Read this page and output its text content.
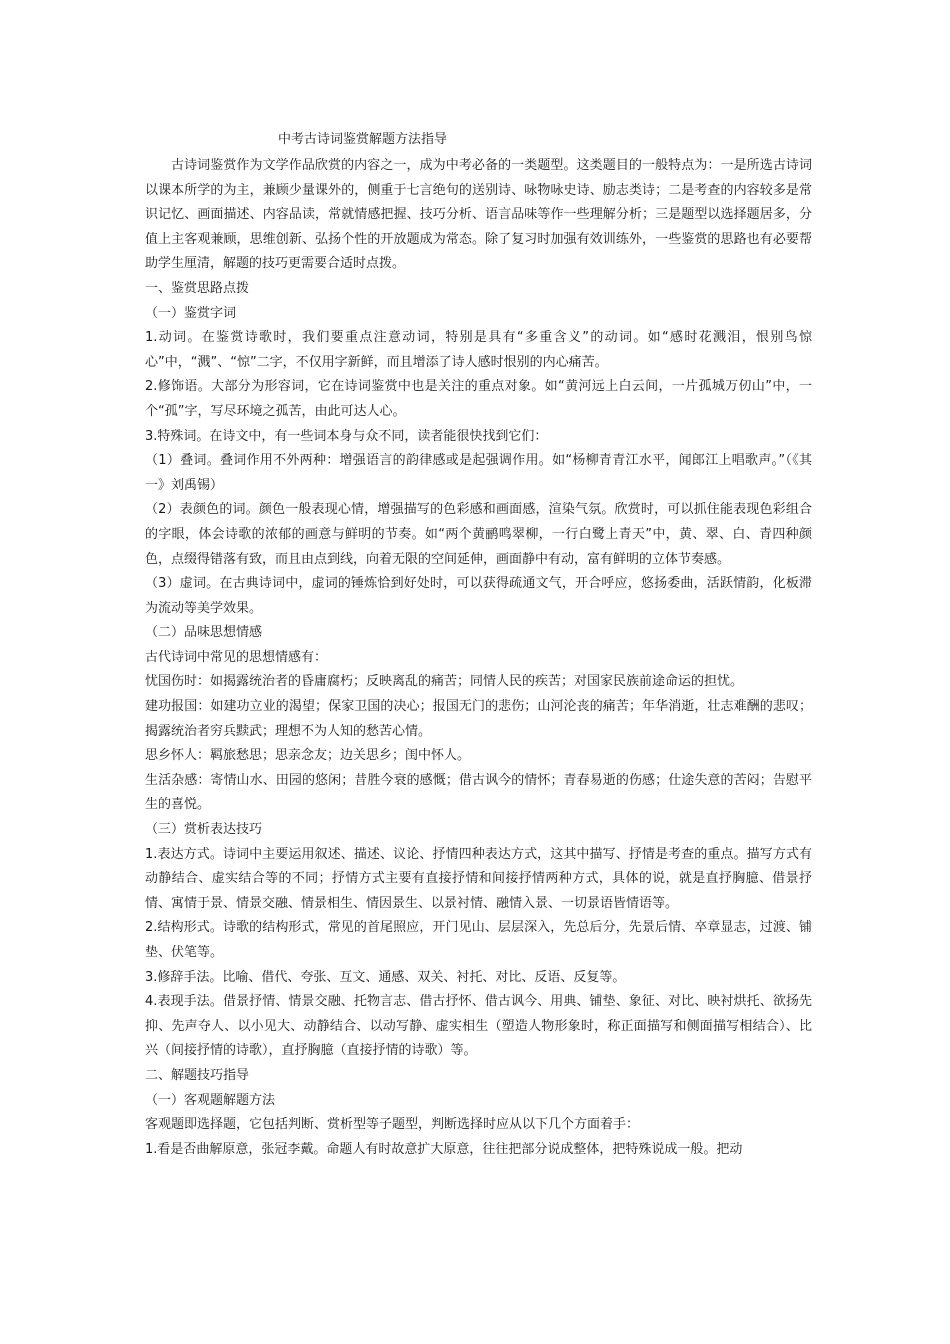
中考古诗词鉴赏解题方法指导

古诗词鉴赏作为文学作品欣赏的内容之一，成为中考必备的一类题型。这类题目的一般特点为：一是所选古诗词以课本所学的为主，兼顾少量课外的，侧重于七言绝句的送别诗、咏物咏史诗、励志类诗；二是考查的内容较多是常识记忆、画面描述、内容品读，常就情感把握、技巧分析、语言品味等作一些理解分析；三是题型以选择题居多，分值上主客观兼顾，思维创新、弘扬个性的开放题成为常态。除了复习时加强有效训练外，一些鉴赏的思路也有必要帮助学生厘清，解题的技巧更需要合适时点拨。

一、鉴赏思路点拨

（一）鉴赏字词

1.动词。在鉴赏诗歌时，我们要重点注意动词，特别是具有“多重含义”的动词。如“感时花溅泪，恨别鸟惊心”中，“溅”、“惊”二字，不仅用字新鲜，而且增添了诗人感时恨别的内心痛苦。

2.修饰语。大部分为形容词，它在诗词鉴赏中也是关注的重点对象。如“黄河远上白云间，一片孤城万仞山”中，一个“孤”字，写尽环境之孤苦，由此可达人心。

3.特殊词。在诗文中，有一些词本身与众不同，读者能很快找到它们：

（1）叠词。叠词作用不外两种：增强语言的韵律感或是起强调作用。如“杨柳青青江水平，闻郎江上唱歌声。”（《其一》刘禹锡）

（2）表颜色的词。颜色一般表现心情，增强描写的色彩感和画面感，渲染气氛。欣赏时，可以抓住能表现色彩组合的字眼，体会诗歌的浓郁的画意与鲜明的节奏。如“两个黄鹂鸣翠柳，一行白鹭上青天”中，黄、翠、白、青四种颜色，点缀得错落有致，而且由点到线，向着无限的空间延伸，画面静中有动，富有鲜明的立体节奏感。

（3）虚词。在古典诗词中，虚词的锤炼恰到好处时，可以获得疏通文气，开合呼应，悠扬委曲，活跃情韵，化板滞为流动等美学效果。

（二）品味思想情感

古代诗词中常见的思想情感有：

忧国伤时：如揭露统治者的昏庸腐朽；反映离乱的痛苦；同情人民的疾苦；对国家民族前途命运的担忧。

建功报国：如建功立业的渴望；保家卫国的决心；报国无门的悲伤；山河沦丧的痛苦；年华消逝，壮志难酬的悲叹；揭露统治者穷兵黩武；理想不为人知的愁苦心情。

思乡怀人：羁旅愁思；思亲念友；边关思乡；闺中怀人。

生活杂感：寄情山水、田园的悠闲；昔胜今衰的感慨；借古讽今的情怀；青春易逝的伤感；仕途失意的苦闷；告慰平生的喜悦。

（三）赏析表达技巧

1.表达方式。诗词中主要运用叙述、描述、议论、抒情四种表达方式，这其中描写、抒情是考查的重点。描写方式有动静结合、虚实结合等的不同；抒情方式主要有直接抒情和间接抒情两种方式，具体的说，就是直抒胸臆、借景抒情、寓情于景、情景交融、情景相生、情因景生、以景衬情、融情入景、一切景语皆情语等。

2.结构形式。诗歌的结构形式，常见的首尾照应，开门见山、层层深入，先总后分，先景后情、卒章显志，过渡、铺垫、伏笔等。

3.修辞手法。比喻、借代、夸张、互文、通感、双关、衬托、对比、反语、反复等。

4.表现手法。借景抒情、情景交融、托物言志、借古抒怀、借古讽今、用典、铺垫、象征、对比、映衬烘托、欲扬先抑、先声夺人、以小见大、动静结合、以动写静、虚实相生（塑造人物形象时，称正面描写和侧面描写相结合）、比兴（间接抒情的诗歌），直抒胸臆（直接抒情的诗歌）等。

二、解题技巧指导

（一）客观题解题方法

客观题即选择题，它包括判断、赏析型等子题型，判断选择时应从以下几个方面着手：

1.看是否曲解原意，张冠李戴。命题人有时故意扩大原意，往往把部分说成整体，把特殊说成一般。把动
